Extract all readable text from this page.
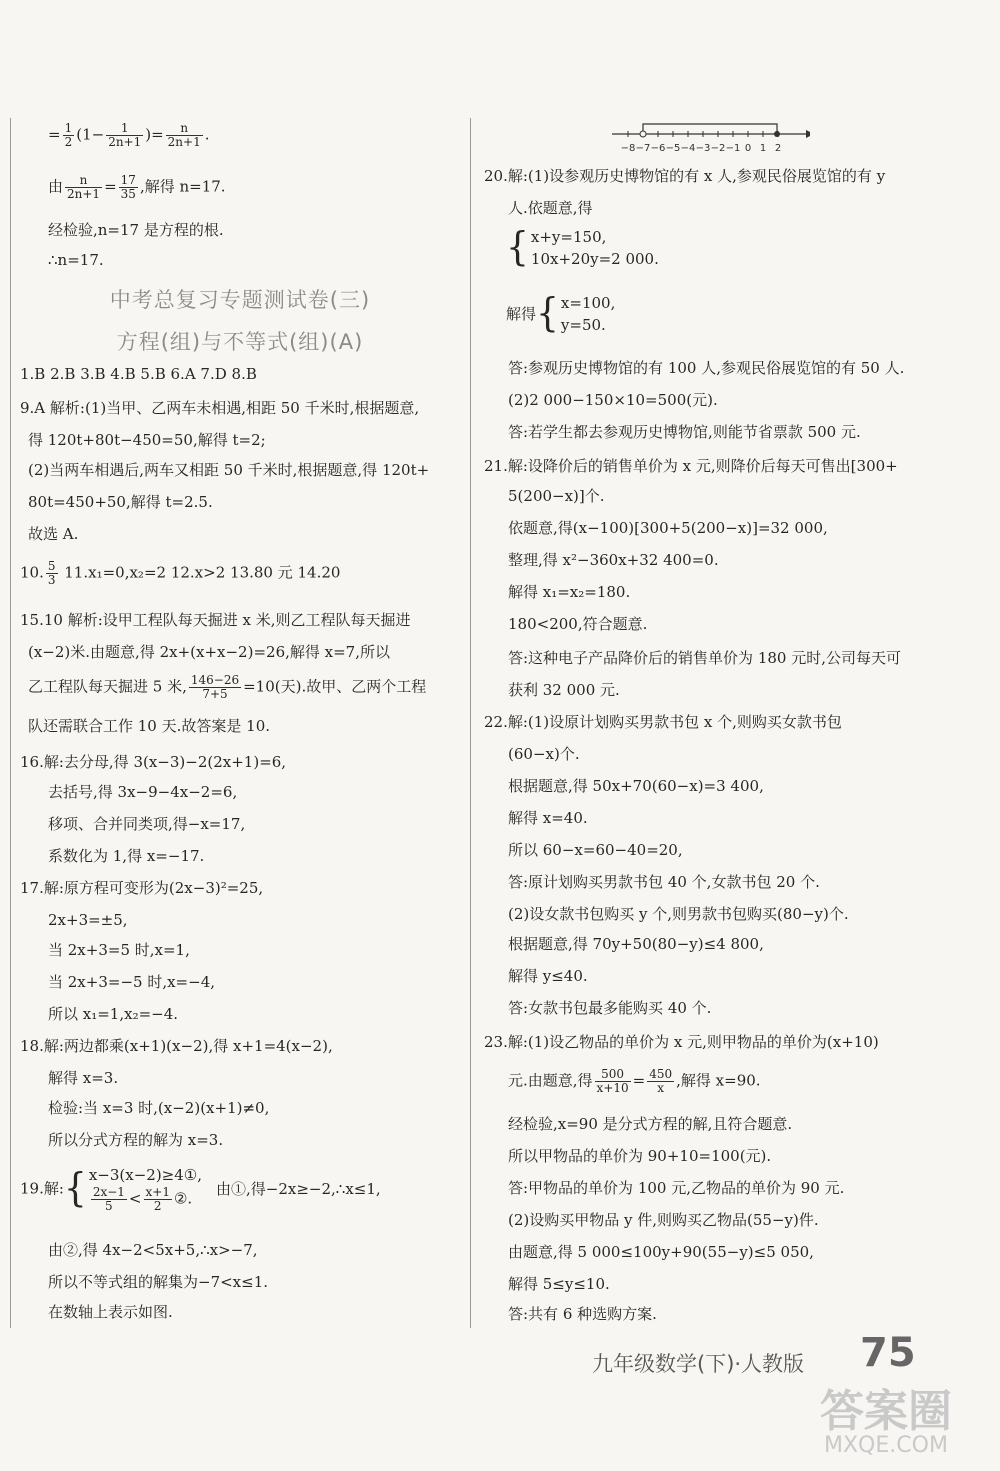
= $\frac{1}{2} (1- \frac{1}{2n+1}$ )= $\frac{n}{2n+1}$ .
由 $\frac{n}{2n+1} = \frac{17}{35}$ ,解得 n=17.
经检验,n=17 是方程的根.
∴n=17.
中考总复习专题测试卷(三)
方程(组)与不等式(组)(A)
1.B 2.B 3.B 4.B 5.B 6.A 7.D 8.B
9.A 解析:(1)当甲、乙两车未相遇,相距 50 千米时,根据题意,
得 120t+80t−450=50,解得 t=2;
(2)当两车相遇后,两车又相距 50 千米时,根据题意,得 120t+
80t=450+50,解得 t=2.5.
故选 A.
10. $\frac{5}{3} 11.x_1=0,x_2=2$ 12.x>2 13.80 元 14.20
15.10 解析:设甲工程队每天掘进 x 米,则乙工程队每天掘进
(x−2)米.由题意,得 2x+(x+x−2)=26,解得 x=7,所以
乙工程队每天掘进 5 米, $\frac{146-26}{7+5} =10$(天).故甲、乙两个工程
队还需联合工作 10 天.故答案是 10.
16.解:去分母,得 3(x−3)−2(2x+1)=6,
去括号,得 3x−9−4x−2=6,
移项、合并同类项,得−x=17,
系数化为 1,得 x=−17.
17.解:原方程可变形为(2x−3)²=25,
2x+3=±5,
当 2x+3=5 时,x=1,
当 2x+3=−5 时,x=−4,
所以 x₁=1,x₂=−4.
18.解:两边都乘(x+1)(x−2),得 x+1=4(x−2),
解得 x=3.
检验:当 x=3 时,(x−2)(x+1)≠0,
所以分式方程的解为 x=3.
19.解:{ x−3(x−2)≥4①,
$\frac{2x-1}{5} < \frac{x+1}{2}$ ②.
由①,得−2x≥−2,∴x≤1,
由②,得 4x−2<5x+5,∴x>−7,
所以不等式组的解集为−7<x≤1.
在数轴上表示如图.
−8 −7 −6 −5 −4 −3 −2 −1 0 1 2
20.解:(1)设参观历史博物馆的有 x 人,参观民俗展览馆的有 y
人.依题意,得
{ x+y=150,
10x+20y=2 000.
解得{ x=100,
y=50.
答:参观历史博物馆的有 100 人,参观民俗展览馆的有 50 人.
(2)2 000−150×10=500(元).
答:若学生都去参观历史博物馆,则能节省票款 500 元.
21.解:设降价后的销售单价为 x 元,则降价后每天可售出[300+
5(200−x)]个.
依题意,得(x−100)[300+5(200−x)]=32 000,
整理,得 x²−360x+32 400=0.
解得 x₁=x₂=180.
180<200,符合题意.
答:这种电子产品降价后的销售单价为 180 元时,公司每天可
获利 32 000 元.
22.解:(1)设原计划购买男款书包 x 个,则购买女款书包
(60−x)个.
根据题意,得 50x+70(60−x)=3 400,
解得 x=40.
所以 60−x=60−40=20,
答:原计划购买男款书包 40 个,女款书包 20 个.
(2)设女款书包购买 y 个,则男款书包购买(80−y)个.
根据题意,得 70y+50(80−y)≤4 800,
解得 y≤40.
答:女款书包最多能购买 40 个.
23.解:(1)设乙物品的单价为 x 元,则甲物品的单价为(x+10)
元.由题意,得 $\frac{500}{x+10} = \frac{450}{x}$ ,解得 x=90.
经检验,x=90 是分式方程的解,且符合题意.
所以甲物品的单价为 90+10=100(元).
答:甲物品的单价为 100 元,乙物品的单价为 90 元.
(2)设购买甲物品 y 件,则购买乙物品(55−y)件.
由题意,得 5 000≤100y+90(55−y)≤5 050,
解得 5≤y≤10.
答:共有 6 种选购方案.
九年级数学(下)·人教版 75
答案圈
MXQE.COM
